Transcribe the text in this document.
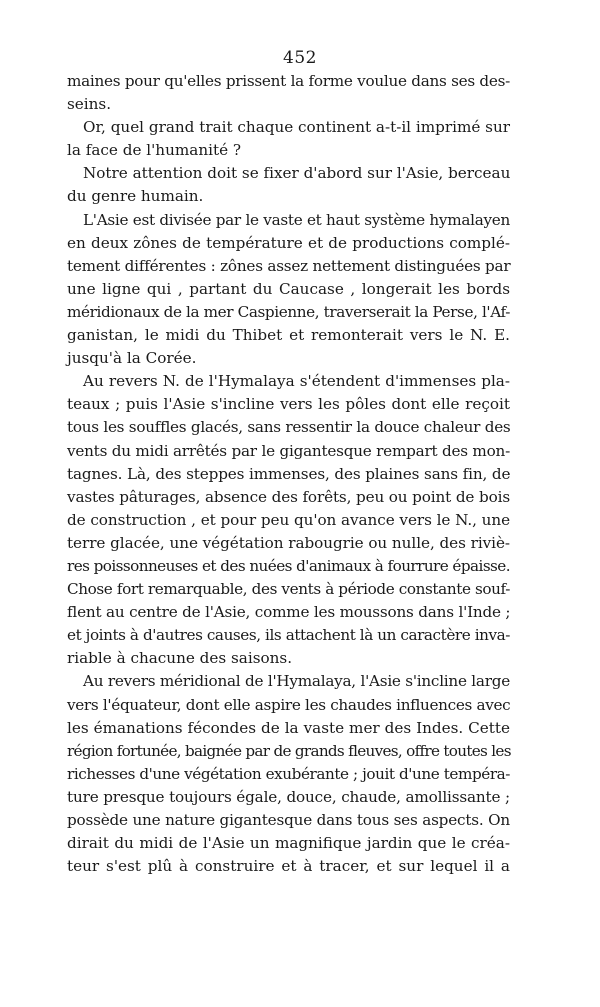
452
maines pour qu'elles prissent la forme voulue dans ses des-
seins.
Or, quel grand trait chaque continent a-t-il imprimé sur
la face de l'humanité ?
Notre attention doit se fixer d'abord sur l'Asie, berceau
du genre humain.
L'Asie est divisée par le vaste et haut système hymalayen
en deux zônes de température et de productions complé-
tement différentes : zônes assez nettement distinguées par
une ligne qui , partant du Caucase , longerait les bords
méridionaux de la mer Caspienne, traverserait la Perse, l'Af-
ganistan, le midi du Thibet et remonterait vers le N. E.
jusqu'à la Corée.
Au revers N. de l'Hymalaya s'étendent d'immenses pla-
teaux ; puis l'Asie s'incline vers les pôles dont elle reçoit
tous les souffles glacés, sans ressentir la douce chaleur des
vents du midi arrêtés par le gigantesque rempart des mon-
tagnes. Là, des steppes immenses, des plaines sans fin, de
vastes pâturages, absence des forêts, peu ou point de bois
de construction , et pour peu qu'on avance vers le N., une
terre glacée, une végétation rabougrie ou nulle, des riviè-
res poissonneuses et des nuées d'animaux à fourrure épaisse.
Chose fort remarquable, des vents à période constante souf-
flent au centre de l'Asie, comme les moussons dans l'Inde ;
et joints à d'autres causes, ils attachent là un caractère inva-
riable à chacune des saisons.
Au revers méridional de l'Hymalaya, l'Asie s'incline large
vers l'équateur, dont elle aspire les chaudes influences avec
les émanations fécondes de la vaste mer des Indes. Cette
région fortunée, baignée par de grands fleuves, offre toutes les
richesses d'une végétation exubérante ; jouit d'une tempéra-
ture presque toujours égale, douce, chaude, amollissante ;
possède une nature gigantesque dans tous ses aspects. On
dirait du midi de l'Asie un magnifique jardin que le créa-
teur s'est plû à construire et à tracer, et sur lequel il a
